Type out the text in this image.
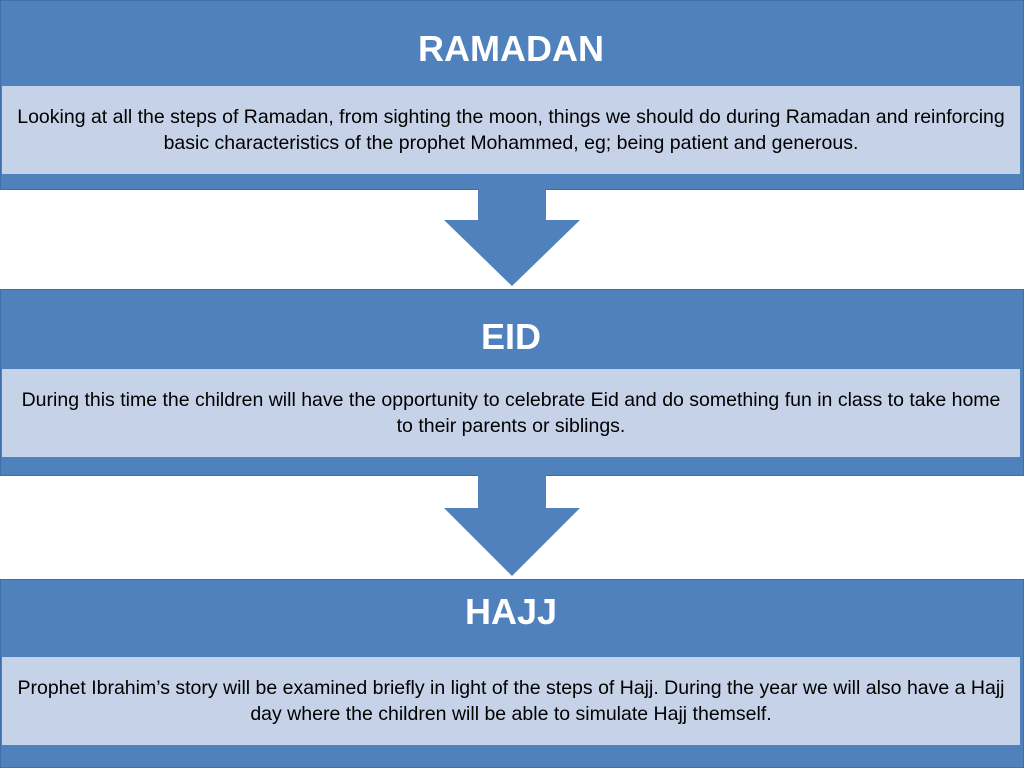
RAMADAN
Looking at all the steps of Ramadan, from sighting the moon, things we should do during Ramadan and reinforcing basic characteristics of the prophet Mohammed, eg; being patient and generous.
EID
During this time the children will have the opportunity to celebrate Eid and do something fun in class to take home to their parents or siblings.
HAJJ
Prophet Ibrahim’s story will be examined briefly in light of the steps of Hajj. During the year we will also have a Hajj day where the children will be able to simulate Hajj themself.
